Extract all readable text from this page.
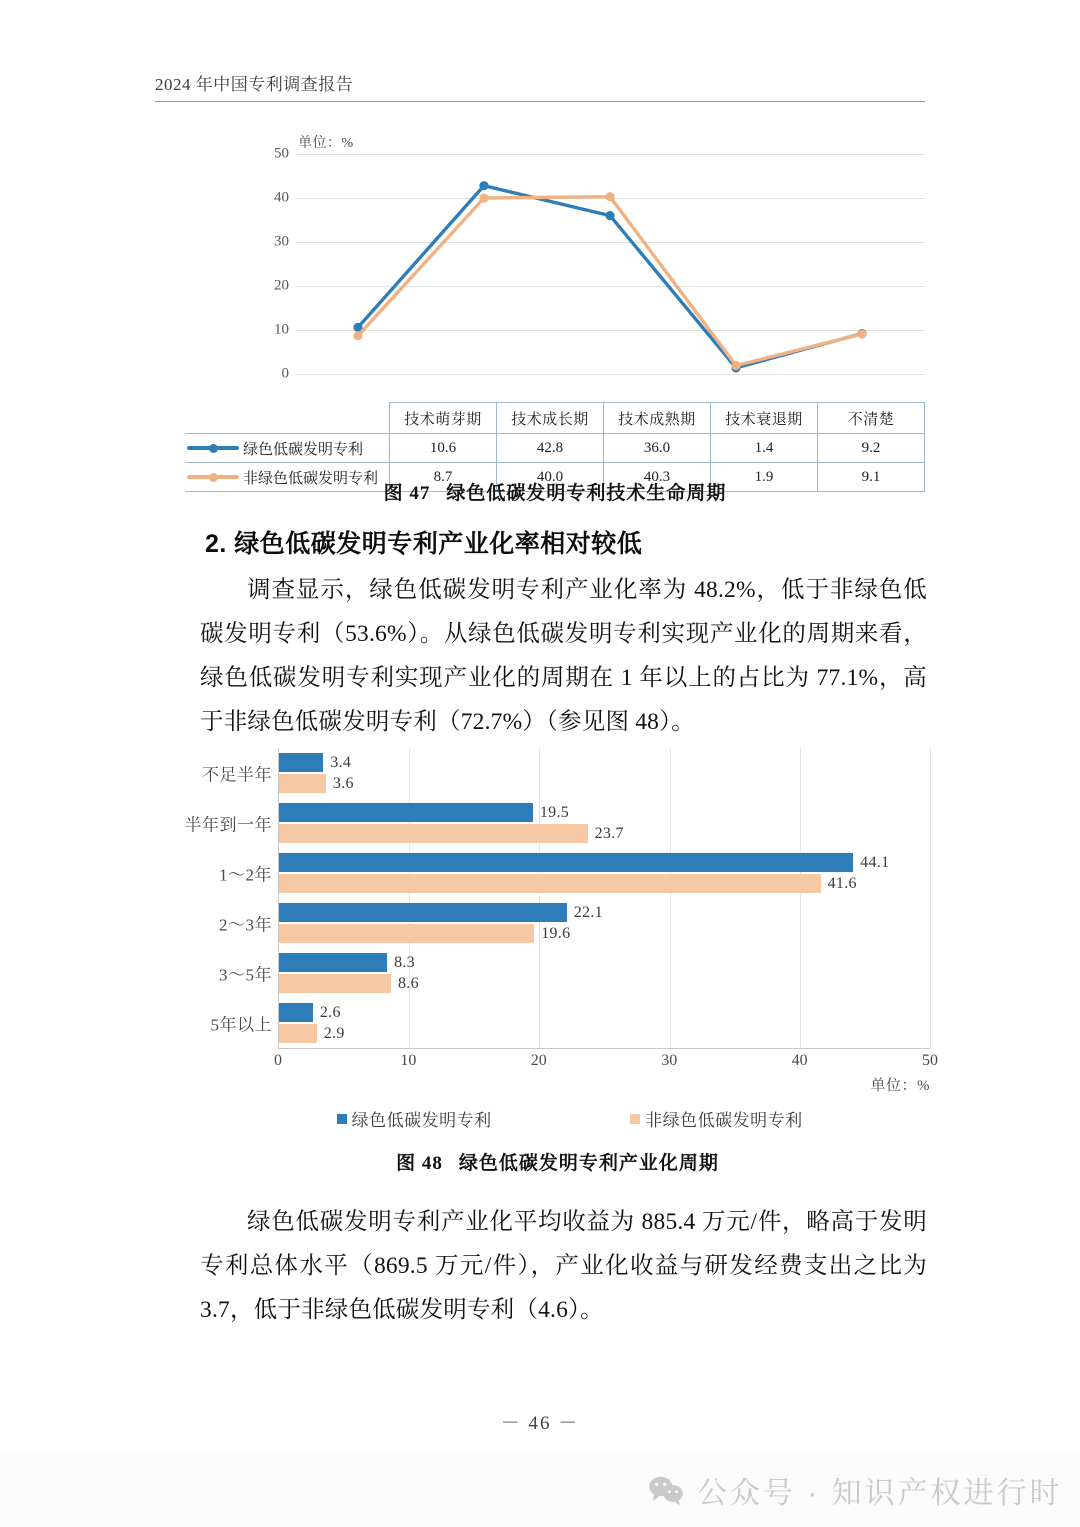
2024 年中国专利调查报告
单位：%
0
10
20
30
40
50
	技术萌芽期	技术成长期	技术成熟期	技术衰退期	不清楚

绿色低碳发明专利	10.6	42.8	36.0	1.4	9.2

非绿色低碳发明专利	8.7	40.0	40.3	1.9	9.1
图 47 绿色低碳发明专利技术生命周期
2. 绿色低碳发明专利产业化率相对较低
调查显示，绿色低碳发明专利产业化率为 48.2%，低于非绿色低碳发明专利（53.6%）。从绿色低碳发明专利实现产业化的周期来看，绿色低碳发明专利实现产业化的周期在 1 年以上的占比为 77.1%，高于非绿色低碳发明专利（72.7%）（参见图 48）。
不足半年
半年到一年
1～2年
2～3年
3～5年
5年以上
3.4
3.6
19.5
23.7
44.1
41.6
22.1
19.6
8.3
8.6
2.6
2.9
0	10	20	30	40	50
单位：%
绿色低碳发明专利	非绿色低碳发明专利
图 48 绿色低碳发明专利产业化周期
绿色低碳发明专利产业化平均收益为 885.4 万元/件，略高于发明专利总体水平（869.5 万元/件），产业化收益与研发经费支出之比为 3.7，低于非绿色低碳发明专利（4.6）。
－ 46 －
公众号 · 知识产权进行时
